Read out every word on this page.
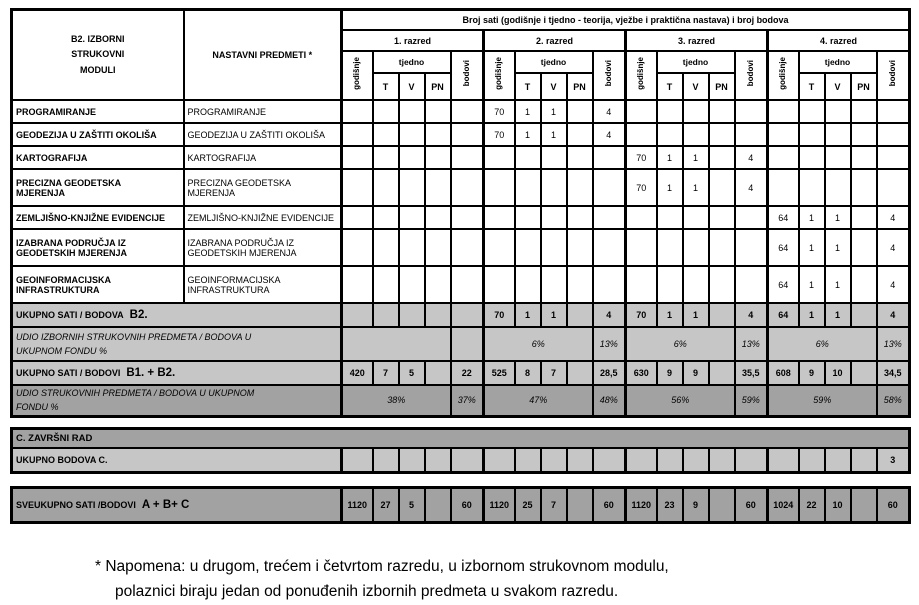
B2. IZBORNI STRUKOVNI MODULI	NASTAVNI PREDMETI *	Broj sati (godišnje i tjedno - teorija, vježbe i praktična nastava) i broj bodova																			
		1. razred					2. razred					3. razred					4. razred				
		godišnje	tjedno			bodovi	godišnje	tjedno			bodovi	godišnje	tjedno			bodovi	godišnje	tjedno			bodovi
			T	V	PN			T	V	PN			T	V	PN			T	V	PN	
PROGRAMIRANJE	PROGRAMIRANJE						70	1	1		4										
GEODEZIJA U ZAŠTITI OKOLIŠA	GEODEZIJA U ZAŠTITI OKOLIŠA						70	1	1		4										
KARTOGRAFIJA	KARTOGRAFIJA											70	1	1		4					
PRECIZNA GEODETSKA MJERENJA	PRECIZNA GEODETSKA MJERENJA											70	1	1		4					
ZEMLJIŠNO-KNJIŽNE EVIDENCIJE	ZEMLJIŠNO-KNJIŽNE EVIDENCIJE																64	1	1		4
IZABRANA PODRUČJA IZ GEODETSKIH MJERENJA	IZABRANA PODRUČJA IZ GEODETSKIH MJERENJA																64	1	1		4
GEOINFORMACIJSKA INFRASTRUKTURA	GEOINFORMACIJSKA INFRASTRUKTURA																64	1	1		4
UKUPNO SATI / BODOVA B2.							70	1	1		4	70	1	1		4	64	1	1		4
UDIO IZBORNIH STRUKOVNIH PREDMETA / BODOVA U UKUPNOM FONDU %							6%				13%	6%				13%	6%				13%
UKUPNO SATI / BODOVI B1. + B2.		420	7	5		22	525	8	7		28,5	630	9	9		35,5	608	9	10		34,5
UDIO STRUKOVNIH PREDMETA / BODOVA U UKUPNOM FONDU %		38%				37%	47%				48%	56%				59%	59%				58%
C. ZAVRŠNI RAD
UKUPNO BODOVA C.																				3
SVEUKUPNO SATI /BODOVI A + B+ C	1120	27	5		60	1120	25	7		60	1120	23	9		60	1024	22	10		60
* Napomena: u drugom, trećem i četvrtom razredu, u izbornom strukovnom modulu,
polaznici biraju jedan od ponuđenih izbornih predmeta u svakom razredu.
